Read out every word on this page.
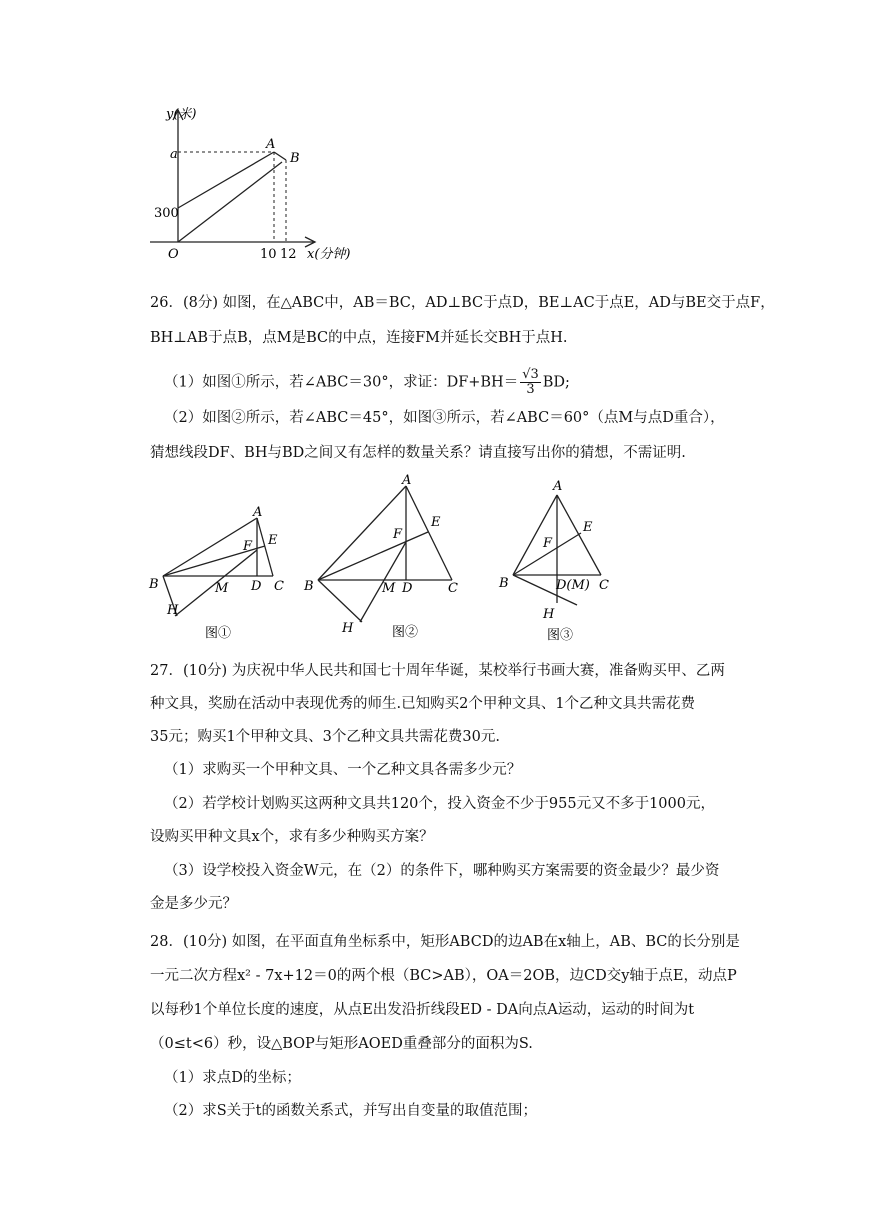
y(米)
a
300
O	10 12 x(分钟)
A
B
26．(8分) 如图，在△ABC中，AB＝BC，AD⊥BC于点D，BE⊥AC于点E，AD与BE交于点F，
BH⊥AB于点B，点M是BC的中点，连接FM并延长交BH于点H.
（1）如图①所示，若∠ABC＝30°，求证：$DF+BH= \frac{√3}{3}$ BD;
（2）如图②所示，若∠ABC＝45°，如图③所示，若∠ABC＝60°（点M与点D重合），
猜想线段DF、BH与BD之间又有怎样的数量关系？请直接写出你的猜想，不需证明.
B
A
E
F
D C
M
H
图①
A
E
F
B	M D	C
H	图②
A
E
F
B	D(M) C
H
图③
27．(10分) 为庆祝中华人民共和国七十周年华诞，某校举行书画大赛，准备购买甲、乙两
种文具，奖励在活动中表现优秀的师生.已知购买2个甲种文具、1个乙种文具共需花费
35元；购买1个甲种文具、3个乙种文具共需花费30元.
（1）求购买一个甲种文具、一个乙种文具各需多少元？
（2）若学校计划购买这两种文具共120个，投入资金不少于955元又不多于1000元，
设购买甲种文具x个，求有多少种购买方案？
（3）设学校投入资金W元，在（2）的条件下，哪种购买方案需要的资金最少？最少资
金是多少元？
28．(10分) 如图，在平面直角坐标系中，矩形ABCD的边AB在x轴上，AB、BC的长分别是
一元二次方程x² - 7x+12＝0的两个根（BC>AB），OA＝2OB，边CD交y轴于点E，动点P
以每秒1个单位长度的速度，从点E出发沿折线段ED - DA向点A运动，运动的时间为t
（0≤t<6）秒，设△BOP与矩形AOED重叠部分的面积为S.
（1）求点D的坐标；
（2）求S关于t的函数关系式，并写出自变量的取值范围；
